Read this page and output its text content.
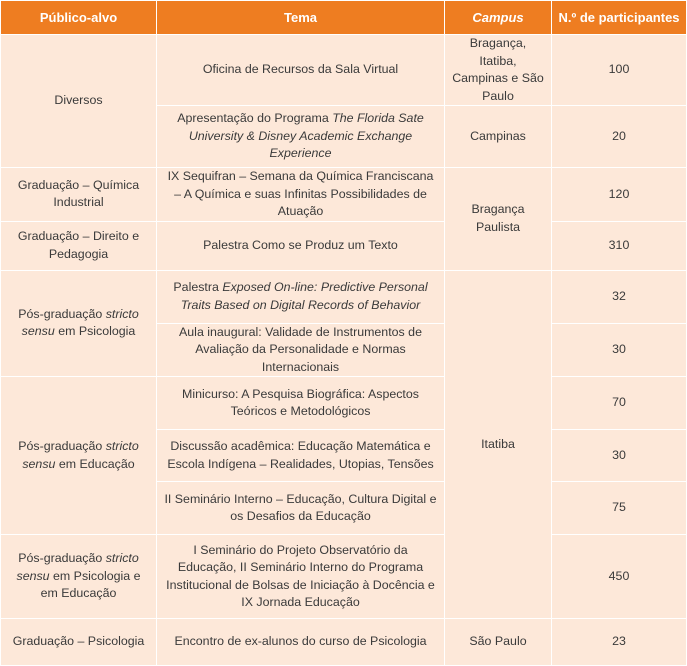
Público-alvo	Tema	Campus	N.º de participantes
Diversos	Oficina de Recursos da Sala Virtual	Bragança, Itatiba, Campinas e São Paulo	100
	Apresentação do Programa The Florida Sate University & Disney Academic Exchange Experience	Campinas	20
Graduação – Química Industrial	IX Sequifran – Semana da Química Franciscana – A Química e suas Infinitas Possibilidades de Atuação	Bragança Paulista	120
Graduação – Direito e Pedagogia	Palestra Como se Produz um Texto		310
Pós-graduação stricto sensu em Psicologia	Palestra Exposed On-line: Predictive Personal Traits Based on Digital Records of Behavior	Itatiba	32
	Aula inaugural: Validade de Instrumentos de Avaliação da Personalidade e Normas Internacionais		30
Pós-graduação stricto sensu em Educação	Minicurso: A Pesquisa Biográfica: Aspectos Teóricos e Metodológicos		70
	Discussão acadêmica: Educação Matemática e Escola Indígena – Realidades, Utopias, Tensões		30
	II Seminário Interno – Educação, Cultura Digital e os Desafios da Educação		75
Pós-graduação stricto sensu em Psicologia e em Educação	I Seminário do Projeto Observatório da Educação, II Seminário Interno do Programa Institucional de Bolsas de Iniciação à Docência e IX Jornada Educação		450
Graduação – Psicologia	Encontro de ex-alunos do curso de Psicologia	São Paulo	23
